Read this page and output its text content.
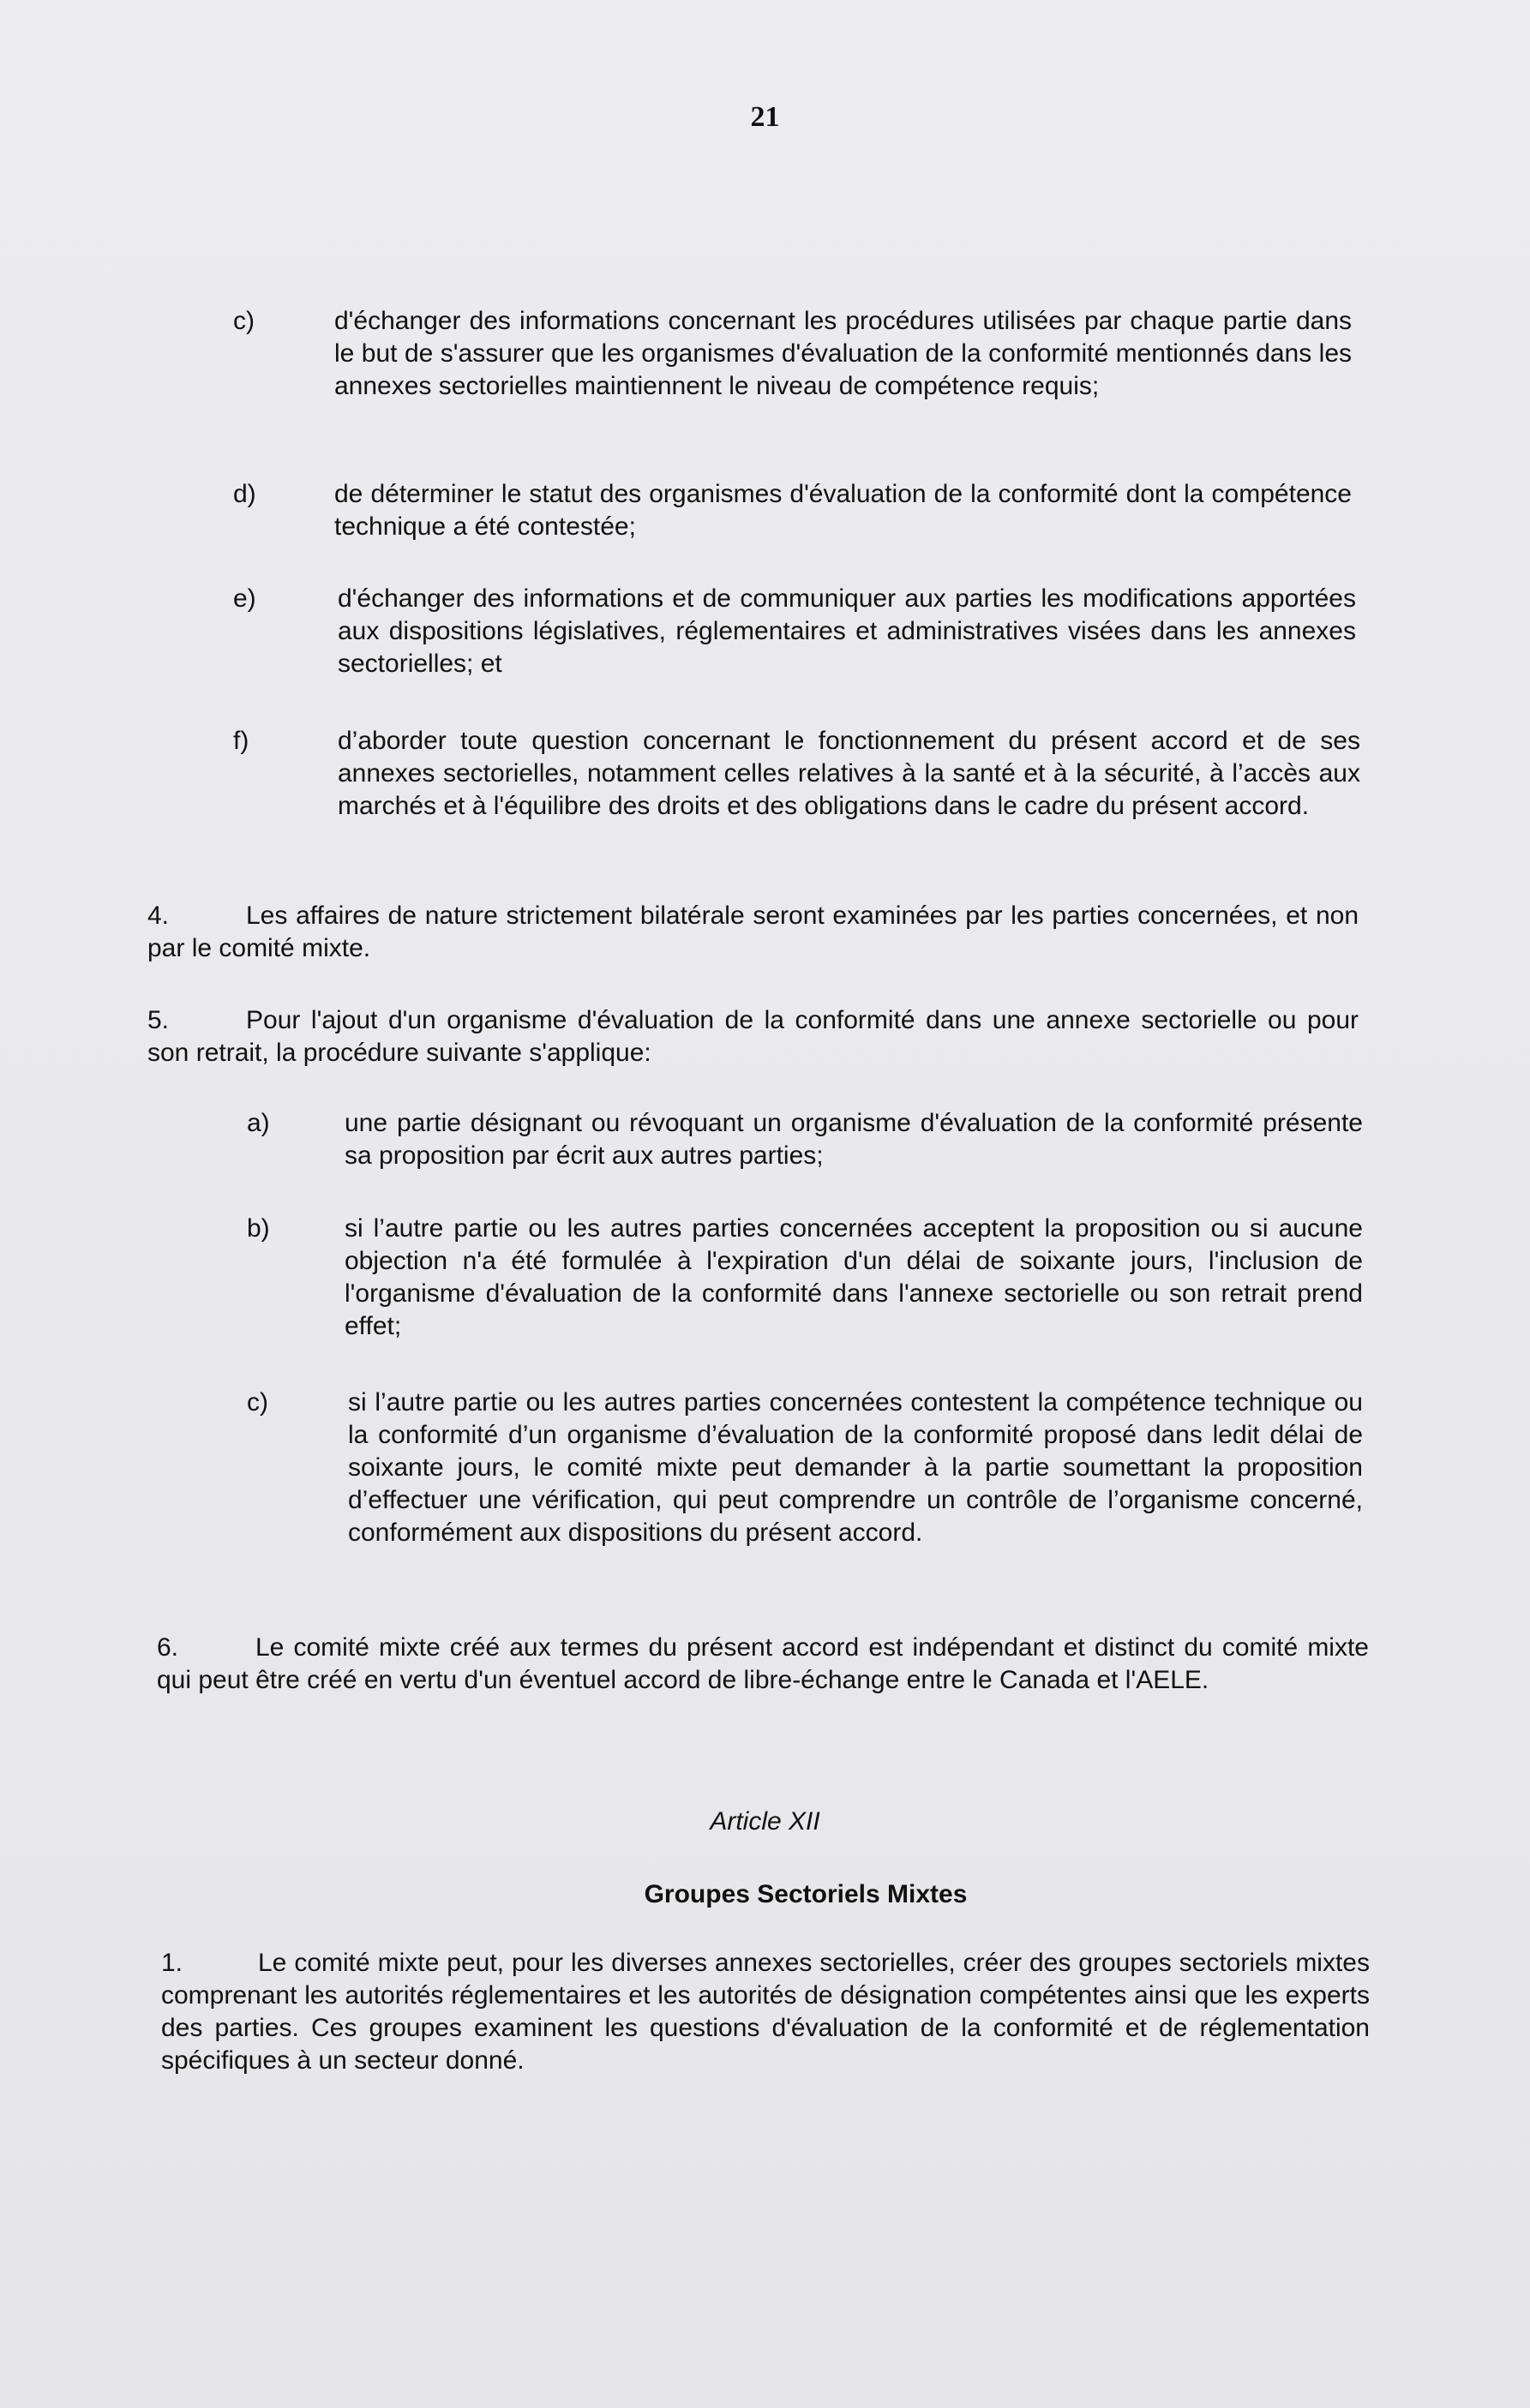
21
c)	d'échanger des informations concernant les procédures utilisées par chaque partie dans le but de s'assurer que les organismes d'évaluation de la conformité mentionnés dans les annexes sectorielles maintiennent le niveau de compétence requis;
d)	de déterminer le statut des organismes d'évaluation de la conformité dont la compétence technique a été contestée;
e)	d'échanger des informations et de communiquer aux parties les modifications apportées aux dispositions législatives, réglementaires et administratives visées dans les annexes sectorielles; et
f)	d’aborder toute question concernant le fonctionnement du présent accord et de ses annexes sectorielles, notamment celles relatives à la santé et à la sécurité, à l’accès aux marchés et à l'équilibre des droits et des obligations dans le cadre du présent accord.
4.	Les affaires de nature strictement bilatérale seront examinées par les parties concernées, et non par le comité mixte.
5.	Pour l'ajout d'un organisme d'évaluation de la conformité dans une annexe sectorielle ou pour son retrait, la procédure suivante s'applique:
a)	une partie désignant ou révoquant un organisme d'évaluation de la conformité présente sa proposition par écrit aux autres parties;
b)	si l’autre partie ou les autres parties concernées acceptent la proposition ou si aucune objection n'a été formulée à l'expiration d'un délai de soixante jours, l'inclusion de l'organisme d'évaluation de la conformité dans l'annexe sectorielle ou son retrait prend effet;
c)	si l’autre partie ou les autres parties concernées contestent la compétence technique ou la conformité d’un organisme d’évaluation de la conformité proposé dans ledit délai de soixante jours, le comité mixte peut demander à la partie soumettant la proposition d’effectuer une vérification, qui peut comprendre un contrôle de l’organisme concerné, conformément aux dispositions du présent accord.
6.	Le comité mixte créé aux termes du présent accord est indépendant et distinct du comité mixte qui peut être créé en vertu d'un éventuel accord de libre-échange entre le Canada et l'AELE.
Article XII
Groupes Sectoriels Mixtes
1.	Le comité mixte peut, pour les diverses annexes sectorielles, créer des groupes sectoriels mixtes comprenant les autorités réglementaires et les autorités de désignation compétentes ainsi que les experts des parties. Ces groupes examinent les questions d'évaluation de la conformité et de réglementation spécifiques à un secteur donné.
